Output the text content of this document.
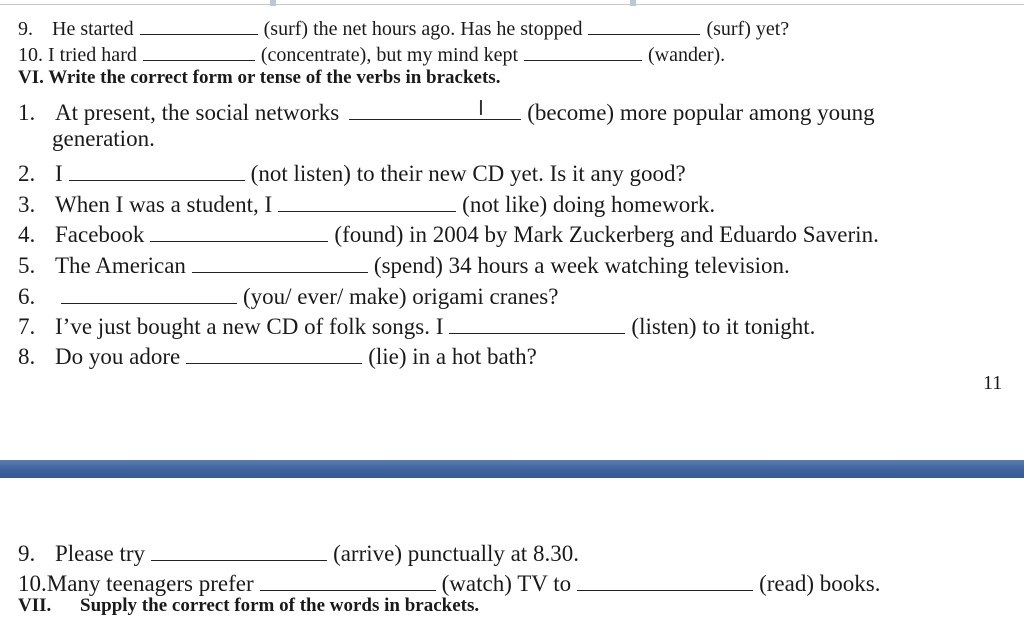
9. He started	(surf) the net hours ago. Has he stopped	(surf) yet?
10. I tried hard	(concentrate), but my mind kept	(wander).
VI. Write the correct form or tense of the verbs in brackets.
1. At present, the social networks	(become) more popular among young
Ι
generation.
2. I	(not listen) to their new CD yet. Is it any good?
3. When I was a student, I	(not like) doing homework.
4. Facebook	(found) in 2004 by Mark Zuckerberg and Eduardo Saverin.
5. The American	(spend) 34 hours a week watching television.
6.	(you/ ever/ make) origami cranes?
7. I’ve just bought a new CD of folk songs. I	(listen) to it tonight.
8. Do you adore	(lie) in a hot bath?
11
9. Please try	(arrive) punctually at 8.30.
10.Many teenagers prefer	(watch) TV to	(read) books.
VII. Supply the correct form of the words in brackets.
